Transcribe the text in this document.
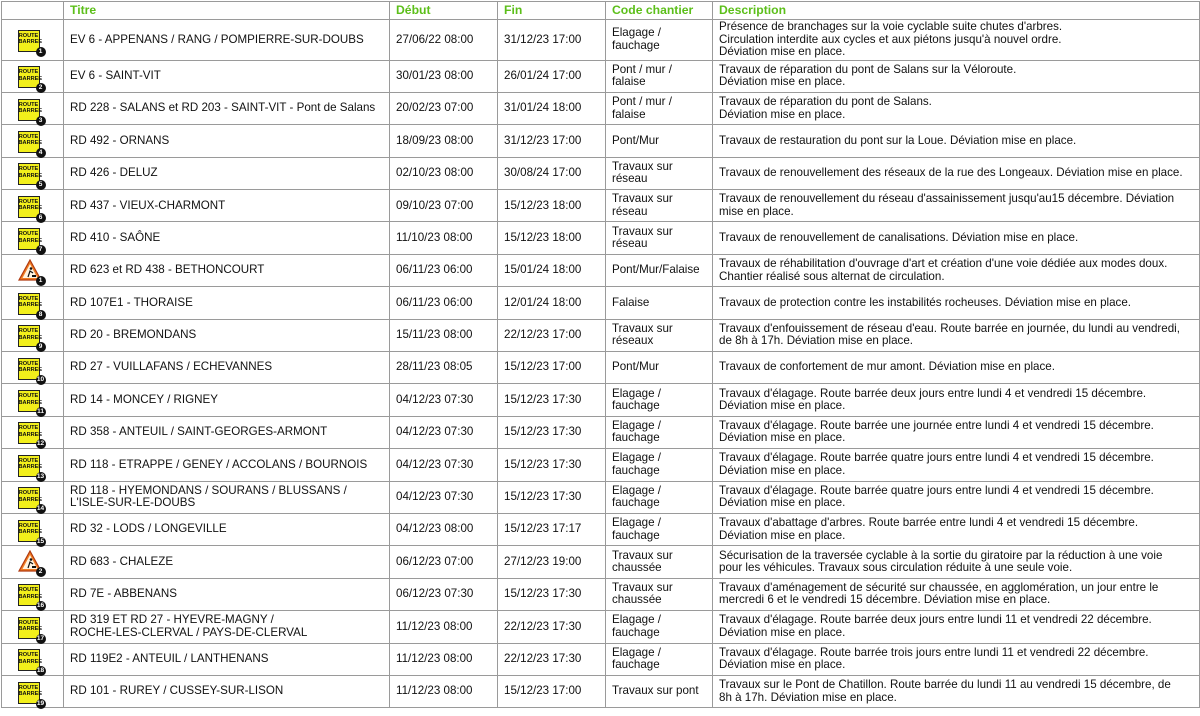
	Titre	Début	Fin	Code chantier	Description

ROUTE
BARREE
1	EV 6 - APPENANS / RANG / POMPIERRE-SUR-DOUBS	27/06/22 08:00	31/12/23 17:00	Elagage /
fauchage	Présence de branchages sur la voie cyclable suite chutes d'arbres.
Circulation interdite aux cycles et aux piétons jusqu'à nouvel ordre.
Déviation mise en place.

ROUTE
BARREE
2	EV 6 - SAINT-VIT	30/01/23 08:00	26/01/24 17:00	Pont / mur / falaise	Travaux de réparation du pont de Salans sur la Véloroute.
Déviation mise en place.

ROUTE
BARREE
3	RD 228 - SALANS et RD 203 - SAINT-VIT - Pont de Salans	20/02/23 07:00	31/01/24 18:00	Pont / mur / falaise	Travaux de réparation du pont de Salans.
Déviation mise en place.

ROUTE
BARREE
4	RD 492 - ORNANS	18/09/23 08:00	31/12/23 17:00	Pont/Mur	Travaux de restauration du pont sur la Loue. Déviation mise en place.

ROUTE
BARREE
5	RD 426 - DELUZ	02/10/23 08:00	30/08/24 17:00	Travaux sur
réseau	Travaux de renouvellement des réseaux de la rue des Longeaux. Déviation mise en place.

ROUTE
BARREE
6	RD 437 - VIEUX-CHARMONT	09/10/23 07:00	15/12/23 18:00	Travaux sur
réseau	Travaux de renouvellement du réseau d'assainissement jusqu'au15 décembre. Déviation
mise en place.

ROUTE
BARREE
7	RD 410 - SAÔNE	11/10/23 08:00	15/12/23 18:00	Travaux sur
réseau	Travaux de renouvellement de canalisations. Déviation mise en place.

1	RD 623 et RD 438 - BETHONCOURT	06/11/23 06:00	15/01/24 18:00	Pont/Mur/Falaise	Travaux de réhabilitation d'ouvrage d'art et création d'une voie dédiée aux modes doux.
Chantier réalisé sous alternat de circulation.

ROUTE
BARREE
8	RD 107E1 - THORAISE	06/11/23 06:00	12/01/24 18:00	Falaise	Travaux de protection contre les instabilités rocheuses. Déviation mise en place.

ROUTE
BARREE
9	RD 20 - BREMONDANS	15/11/23 08:00	22/12/23 17:00	Travaux sur
réseaux	Travaux d'enfouissement de réseau d'eau. Route barrée en journée, du lundi au vendredi,
de 8h à 17h. Déviation mise en place.

ROUTE
BARREE
10	RD 27 - VUILLAFANS / ECHEVANNES	28/11/23 08:05	15/12/23 17:00	Pont/Mur	Travaux de confortement de mur amont. Déviation mise en place.

ROUTE
BARREE
11	RD 14 - MONCEY / RIGNEY	04/12/23 07:30	15/12/23 17:30	Elagage /
fauchage	Travaux d'élagage. Route barrée deux jours entre lundi 4 et vendredi 15 décembre.
Déviation mise en place.

ROUTE
BARREE
12	RD 358 - ANTEUIL / SAINT-GEORGES-ARMONT	04/12/23 07:30	15/12/23 17:30	Elagage /
fauchage	Travaux d'élagage. Route barrée une journée entre lundi 4 et vendredi 15 décembre.
Déviation mise en place.

ROUTE
BARREE
13	RD 118 - ETRAPPE / GENEY / ACCOLANS / BOURNOIS	04/12/23 07:30	15/12/23 17:30	Elagage /
fauchage	Travaux d'élagage. Route barrée quatre jours entre lundi 4 et vendredi 15 décembre.
Déviation mise en place.

ROUTE
BARREE
14	RD 118 - HYEMONDANS / SOURANS / BLUSSANS /
L'ISLE-SUR-LE-DOUBS	04/12/23 07:30	15/12/23 17:30	Elagage /
fauchage	Travaux d'élagage. Route barrée quatre jours entre lundi 4 et vendredi 15 décembre.
Déviation mise en place.

ROUTE
BARREE
15	RD 32 - LODS / LONGEVILLE	04/12/23 08:00	15/12/23 17:17	Elagage /
fauchage	Travaux d'abattage d'arbres. Route barrée entre lundi 4 et vendredi 15 décembre.
Déviation mise en place.

2	RD 683 - CHALEZE	06/12/23 07:00	27/12/23 19:00	Travaux sur
chaussée	Sécurisation de la traversée cyclable à la sortie du giratoire par la réduction à une voie
pour les véhicules. Travaux sous circulation réduite à une seule voie.

ROUTE
BARREE
16	RD 7E - ABBENANS	06/12/23 07:30	15/12/23 17:30	Travaux sur
chaussée	Travaux d'aménagement de sécurité sur chaussée, en agglomération, un jour entre le
mercredi 6 et le vendredi 15 décembre. Déviation mise en place.

ROUTE
BARREE
17	RD 319 ET RD 27 - HYEVRE-MAGNY /
ROCHE-LES-CLERVAL / PAYS-DE-CLERVAL	11/12/23 08:00	22/12/23 17:30	Elagage /
fauchage	Travaux d'élagage. Route barrée deux jours entre lundi 11 et vendredi 22 décembre.
Déviation mise en place.

ROUTE
BARREE
18	RD 119E2 - ANTEUIL / LANTHENANS	11/12/23 08:00	22/12/23 17:30	Elagage /
fauchage	Travaux d'élagage. Route barrée trois jours entre lundi 11 et vendredi 22 décembre.
Déviation mise en place.

ROUTE
BARREE
19	RD 101 - RUREY / CUSSEY-SUR-LISON	11/12/23 08:00	15/12/23 17:00	Travaux sur pont	Travaux sur le Pont de Chatillon. Route barrée du lundi 11 au vendredi 15 décembre, de
8h à 17h. Déviation mise en place.
